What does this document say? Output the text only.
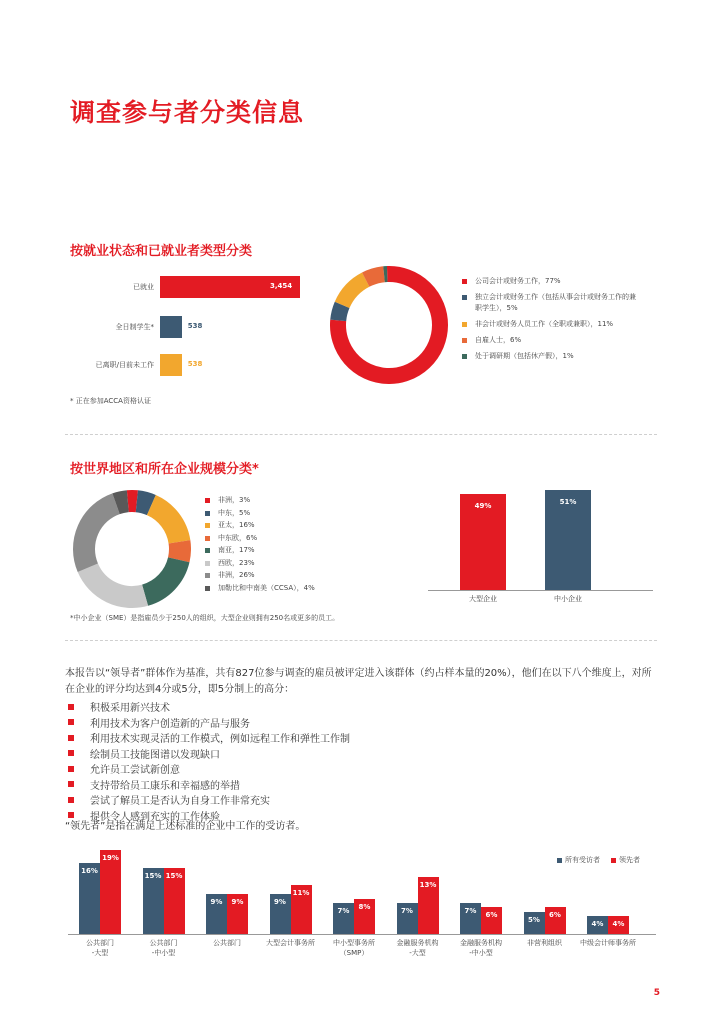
调查参与者分类信息
按就业状态和已就业者类型分类
已就业	3,454
全日制学生*	538
已离职/目前未工作	538
公司会计或财务工作，77%
独立会计或财务工作（包括从事会计或财务工作的兼职学生），5%
非会计或财务人员工作（全职或兼职），11%
自雇人士，6%
处于调研期（包括休产假），1%
* 正在参加ACCA资格认证
按世界地区和所在企业规模分类*
非洲，3%
中东，5%
亚太，16%
中东欧，6%
南亚，17%
西欧，23%
非洲，26%
加勒比和中南美（CCSA），4%
49%
大型企业
51%
中小企业
*中小企业（SME）是指雇员少于250人的组织，大型企业则拥有250名或更多的员工。
本报告以“领导者”群体作为基准，共有827位参与调查的雇员被评定进入该群体（约占样本量的20%），他们在以下八个维度上，对所在企业的评分均达到4分或5分，即5分制上的高分：
积极采用新兴技术
利用技术为客户创造新的产品与服务
利用技术实现灵活的工作模式，例如远程工作和弹性工作制
绘制员工技能图谱以发现缺口
允许员工尝试新创意
支持带给员工康乐和幸福感的举措
尝试了解员工是否认为自身工作非常充实
提供令人感到充实的工作体验
“领先者”是指在满足上述标准的企业中工作的受访者。
所有受访者	领先者
16%
19%
公共部门
-大型
15% 15%
公共部门
-中小型
9%	9%
公共部门
9%
11%
大型会计事务所
7%
8%
中小型事务所
（SMP）
7%
13%
金融服务机构
-大型
7%
6%
金融服务机构
-中小型
5%
6%
非营利组织
4%	4%
中级会计师事务所
5
